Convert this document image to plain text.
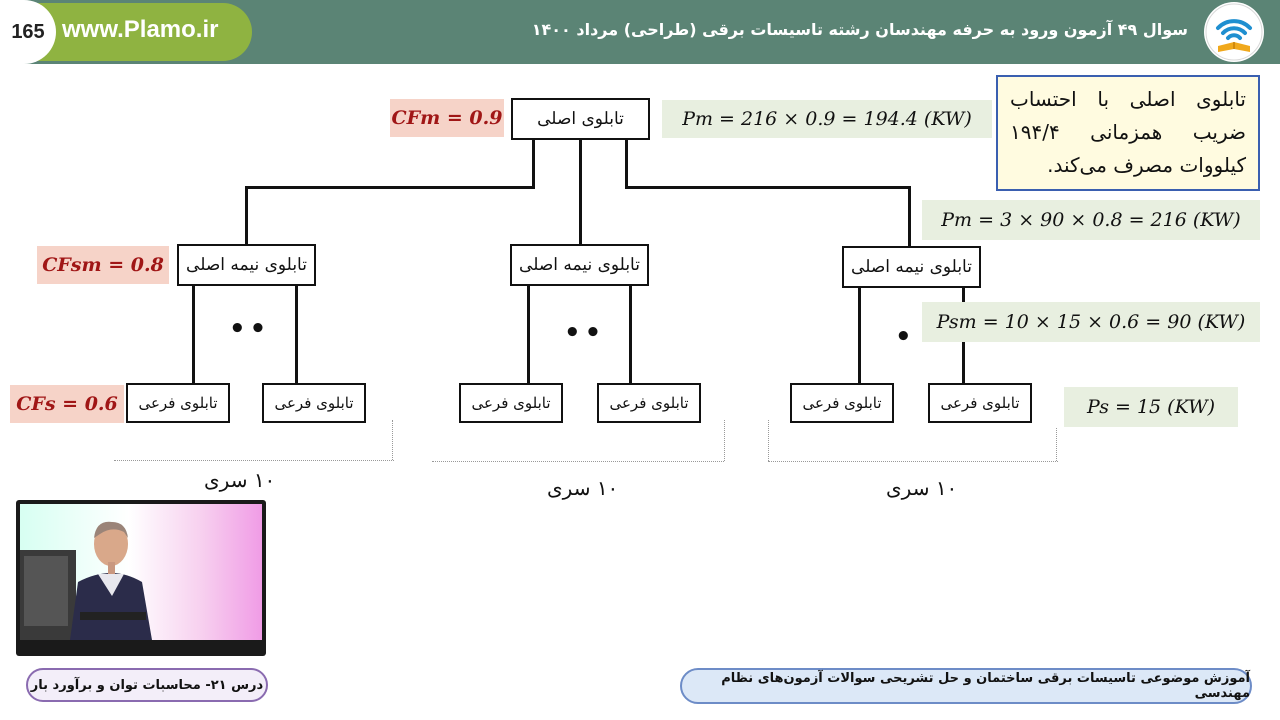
165 www.Plamo.ir	سوال ۴۹ آزمون ورود به حرفه مهندسان رشته تاسیسات برقی (طراحی) مرداد ۱۴۰۰
تابلوی اصلی
تابلوی نیمه اصلی	تابلوی نیمه اصلی	تابلوی نیمه اصلی
••	••	•
تابلوی فرعی	تابلوی فرعی	تابلوی فرعی	تابلوی فرعی	تابلوی فرعی	تابلوی فرعی
۱۰ سری	۱۰ سری	۱۰ سری
CFm = 0.9
CFsm = 0.8
CFs = 0.6
Pm = 216 × 0.9 = 194.4 (KW)
Pm = 3 × 90 × 0.8 = 216 (KW)
Psm = 10 × 15 × 0.6 = 90 (KW)
Ps = 15 (KW)
تابلوی اصلی با احتساب ضریب همزمانی ۱۹۴/۴ کیلووات مصرف می‌کند.
درس ۲۱- محاسبات توان و برآورد بار	آموزش موضوعی تاسیسات برقی ساختمان و حل تشریحی سوالات آزمون‌های نظام مهندسی
